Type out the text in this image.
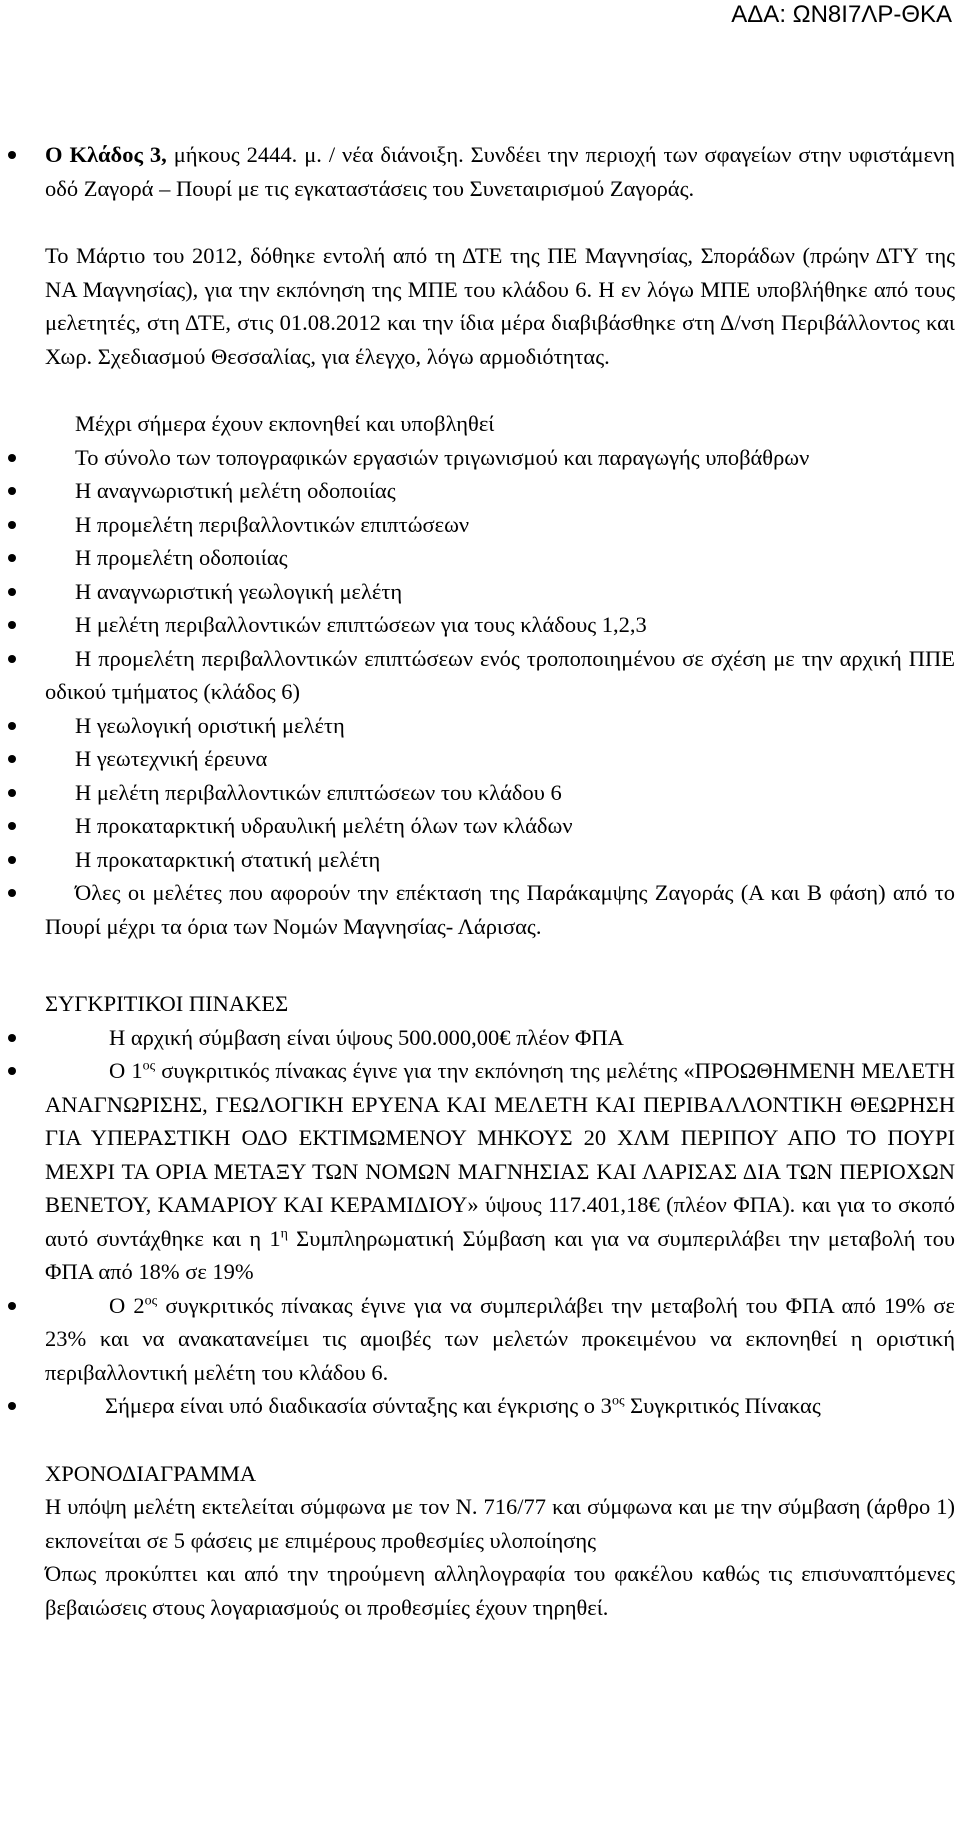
ΑΔΑ: ΩΝ8Ι7ΛΡ-ΘΚΑ

Ο Κλάδος 3, μήκους 2444. μ. / νέα διάνοιξη. Συνδέει την περιοχή των σφαγείων στην υφιστάμενη οδό Ζαγορά – Πουρί με τις εγκαταστάσεις του Συνεταιρισμού Ζαγοράς.

Το Μάρτιο του 2012, δόθηκε εντολή από τη ΔΤΕ της ΠΕ Μαγνησίας, Σποράδων (πρώην ΔΤΥ της ΝΑ Μαγνησίας), για την εκπόνηση της ΜΠΕ του κλάδου 6. Η εν λόγω ΜΠΕ υποβλήθηκε από τους μελετητές, στη ΔΤΕ, στις 01.08.2012 και την ίδια μέρα διαβιβάσθηκε στη Δ/νση Περιβάλλοντος και Χωρ. Σχεδιασμού Θεσσαλίας, για έλεγχο, λόγω αρμοδιότητας.

Μέχρι σήμερα έχουν εκπονηθεί και υποβληθεί

Το σύνολο των τοπογραφικών εργασιών τριγωνισμού και παραγωγής υποβάθρων

Η αναγνωριστική μελέτη οδοποιίας

Η προμελέτη περιβαλλοντικών επιπτώσεων

Η προμελέτη οδοποιίας

Η αναγνωριστική γεωλογική μελέτη

Η μελέτη περιβαλλοντικών επιπτώσεων για τους κλάδους 1,2,3

Η προμελέτη περιβαλλοντικών επιπτώσεων ενός τροποποιημένου σε σχέση με την αρχική ΠΠΕ οδικού τμήματος (κλάδος 6)

Η γεωλογική οριστική μελέτη

Η γεωτεχνική έρευνα

Η μελέτη περιβαλλοντικών επιπτώσεων του κλάδου 6

Η προκαταρκτική υδραυλική μελέτη όλων των κλάδων

Η προκαταρκτική στατική μελέτη

Όλες οι μελέτες που αφορούν την επέκταση της Παράκαμψης Ζαγοράς (Α και Β φάση) από το Πουρί μέχρι τα όρια των Νομών Μαγνησίας- Λάρισας.

ΣΥΓΚΡΙΤΙΚΟΙ ΠΙΝΑΚΕΣ

Η αρχική σύμβαση είναι ύψους 500.000,00€ πλέον ΦΠΑ

Ο $1^{o\varsigma}$ συγκριτικός πίνακας έγινε για την εκπόνηση της μελέτης «ΠΡΟΩΘΗΜΕΝΗ ΜΕΛΕΤΗ ΑΝΑΓΝΩΡΙΣΗΣ, ΓΕΩΛΟΓΙΚΗ ΕΡΥΕΝΑ ΚΑΙ ΜΕΛΕΤΗ ΚΑΙ ΠΕΡΙΒΑΛΛΟΝΤΙΚΗ ΘΕΩΡΗΣΗ ΓΙΑ ΥΠΕΡΑΣΤΙΚΗ ΟΔΟ ΕΚΤΙΜΩΜΕΝΟΥ ΜΗΚΟΥΣ 20 ΧΛΜ ΠΕΡΙΠΟΥ ΑΠΟ ΤΟ ΠΟΥΡΙ ΜΕΧΡΙ ΤΑ ΟΡΙΑ ΜΕΤΑΞΥ ΤΩΝ ΝΟΜΩΝ ΜΑΓΝΗΣΙΑΣ ΚΑΙ ΛΑΡΙΣΑΣ ΔΙΑ ΤΩΝ ΠΕΡΙΟΧΩΝ ΒΕΝΕΤΟΥ, ΚΑΜΑΡΙΟΥ ΚΑΙ ΚΕΡΑΜΙΔΙΟΥ» ύψους 117.401,18€ (πλέον ΦΠΑ). και για το σκοπό αυτό συντάχθηκε και η $1^\eta$ Συμπληρωματική Σύμβαση και για να συμπεριλάβει την μεταβολή του ΦΠΑ από 18% σε 19%

Ο $2^{o\varsigma}$ συγκριτικός πίνακας έγινε για να συμπεριλάβει την μεταβολή του ΦΠΑ από 19% σε 23% και να ανακατανείμει τις αμοιβές των μελετών προκειμένου να εκπονηθεί η οριστική περιβαλλοντική μελέτη του κλάδου 6.

Σήμερα είναι υπό διαδικασία σύνταξης και έγκρισης ο $3^{o\varsigma}$ Συγκριτικός Πίνακας

ΧΡΟΝΟΔΙΑΓΡΑΜΜΑ

Η υπόψη μελέτη εκτελείται σύμφωνα με τον Ν. 716/77 και σύμφωνα και με την σύμβαση (άρθρο 1) εκπονείται σε 5 φάσεις με επιμέρους προθεσμίες υλοποίησης

Όπως προκύπτει και από την τηρούμενη αλληλογραφία του φακέλου καθώς τις επισυναπτόμενες βεβαιώσεις στους λογαριασμούς οι προθεσμίες έχουν τηρηθεί.
